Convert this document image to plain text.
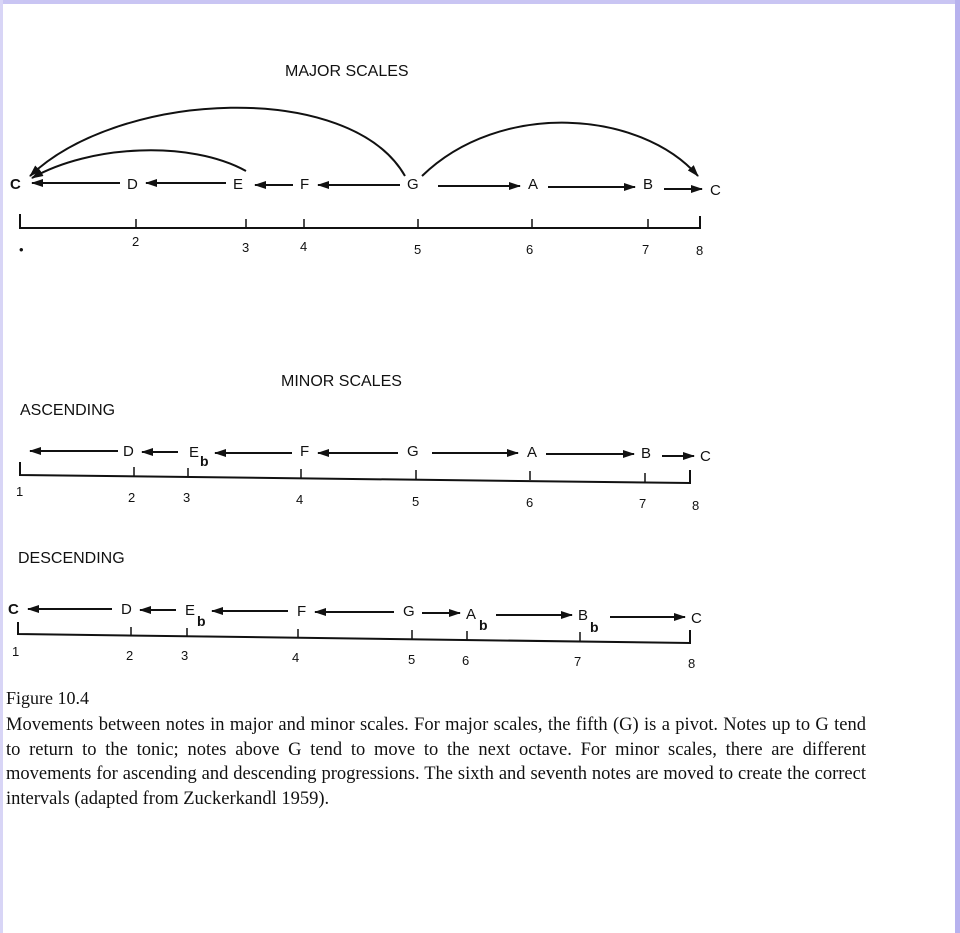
MAJOR SCALES
C	D	E	F	G	A	B	C
•
2	3	4	5	6	7	8
MINOR SCALES
ASCENDING
D	E b
F	G	A	B	C
1	2	3	4	5	6	7	8
DESCENDING
C	D	E
b
F	G	A
b
B
b	C
1	2	3	4	5	6	7	8

Figure 10.4

Movements between notes in major and minor scales. For major scales, the fifth (G) is a pivot. Notes up to G tend to return to the tonic; notes above G tend to move to the next octave. For minor scales, there are different movements for ascending and descending progressions. The sixth and seventh notes are moved to create the correct intervals (adapted from Zuckerkandl 1959).
